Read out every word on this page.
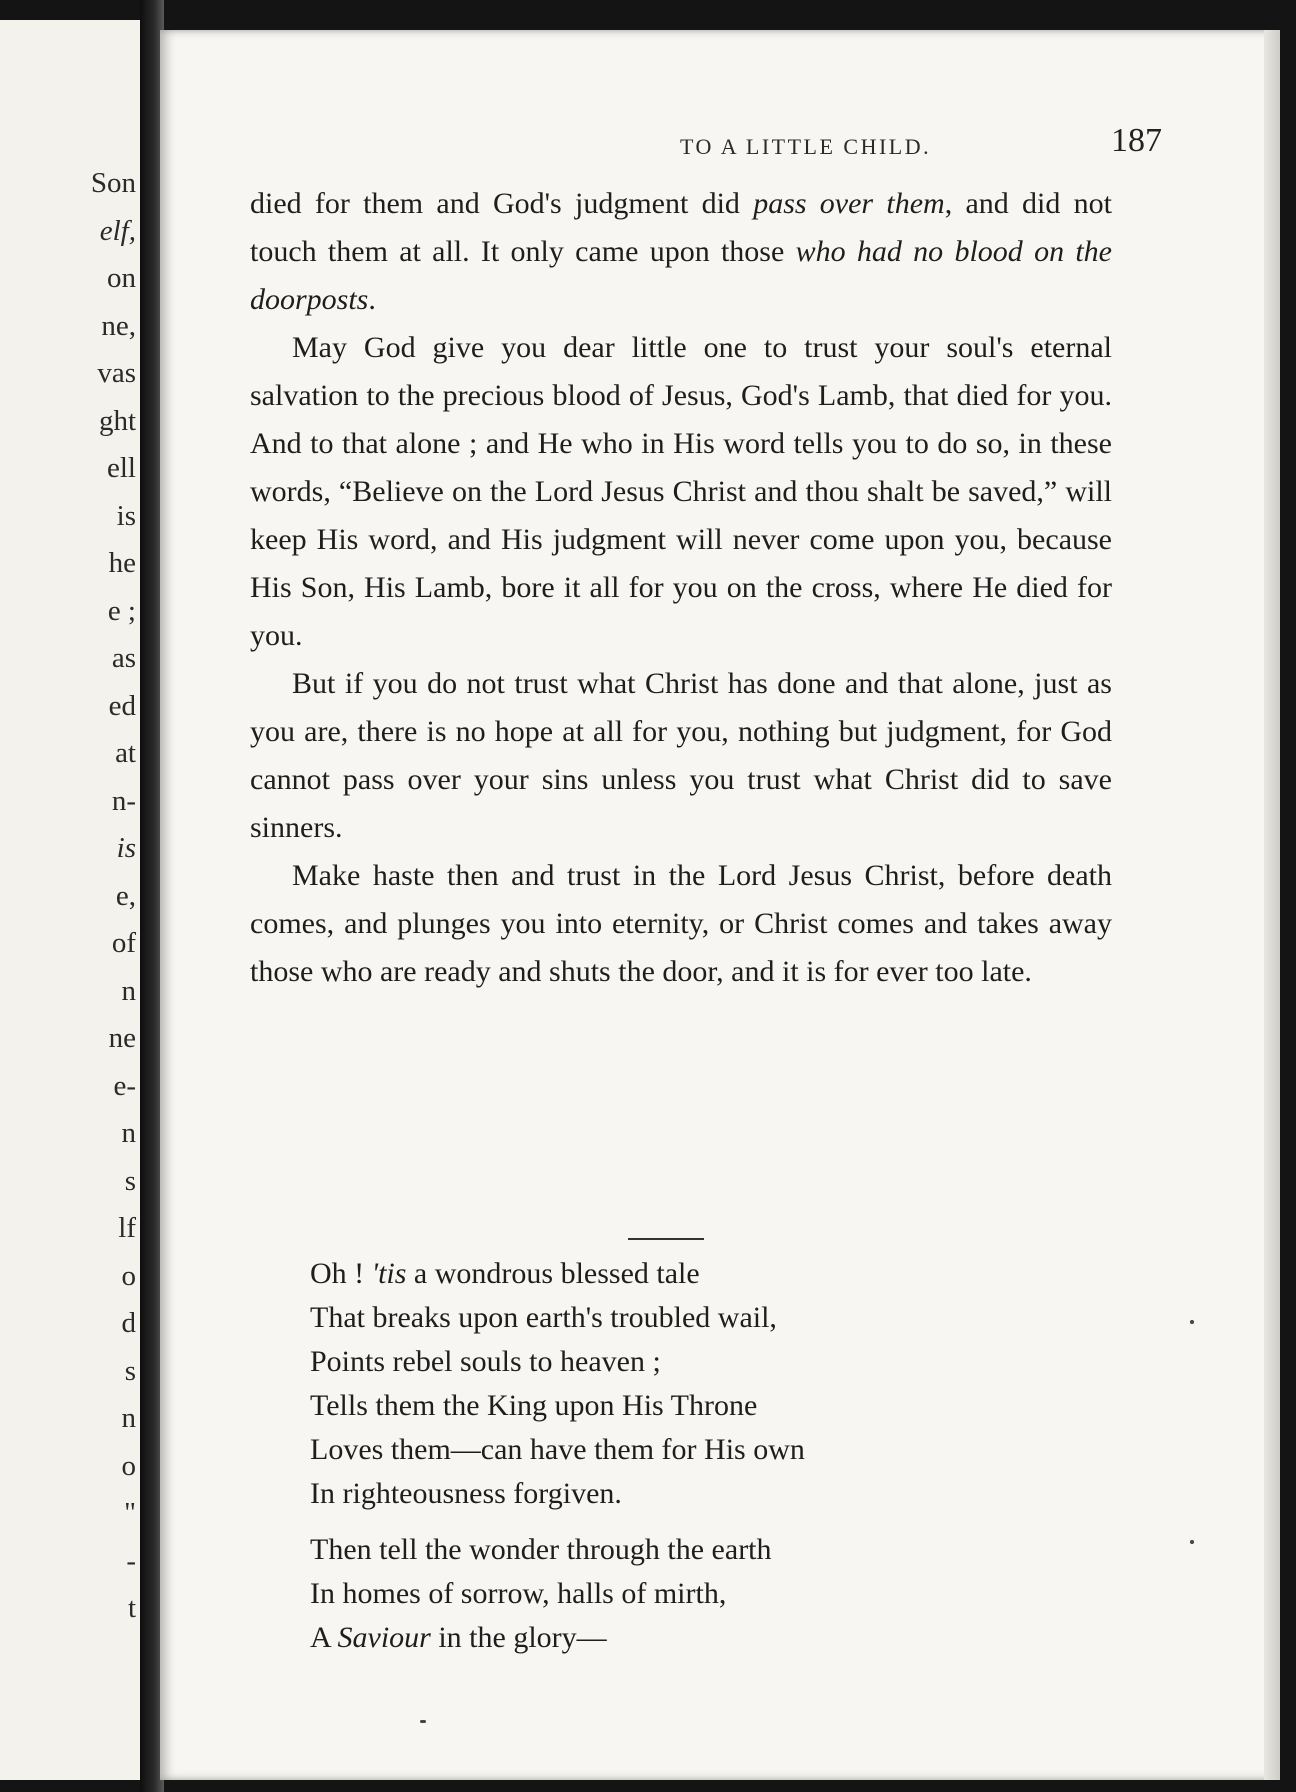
Son
elf,
on
ne,
vas
ght
ell
is
he
e ;
as
ed
at
n-
is
e,
of
n
ne
e-
n
s
lf
o
d
s
n
o
"
-
t
TO A LITTLE CHILD.	187

died for them and God's judgment did pass over them, and did not touch them at all. It only came upon those who had no blood on the doorposts.

May God give you dear little one to trust your soul's eternal salvation to the precious blood of Jesus, God's Lamb, that died for you. And to that alone ; and He who in His word tells you to do so, in these words, “Believe on the Lord Jesus Christ and thou shalt be saved,” will keep His word, and His judgment will never come upon you, because His Son, His Lamb, bore it all for you on the cross, where He died for you.

But if you do not trust what Christ has done and that alone, just as you are, there is no hope at all for you, nothing but judgment, for God cannot pass over your sins unless you trust what Christ did to save sinners.

Make haste then and trust in the Lord Jesus Christ, before death comes, and plunges you into eternity, or Christ comes and takes away those who are ready and shuts the door, and it is for ever too late.

Oh ! 'tis a wondrous blessed tale
That breaks upon earth's troubled wail,
Points rebel souls to heaven ;
Tells them the King upon His Throne
Loves them—can have them for His own
In righteousness forgiven.
Then tell the wonder through the earth
In homes of sorrow, halls of mirth,
A Saviour in the glory—
